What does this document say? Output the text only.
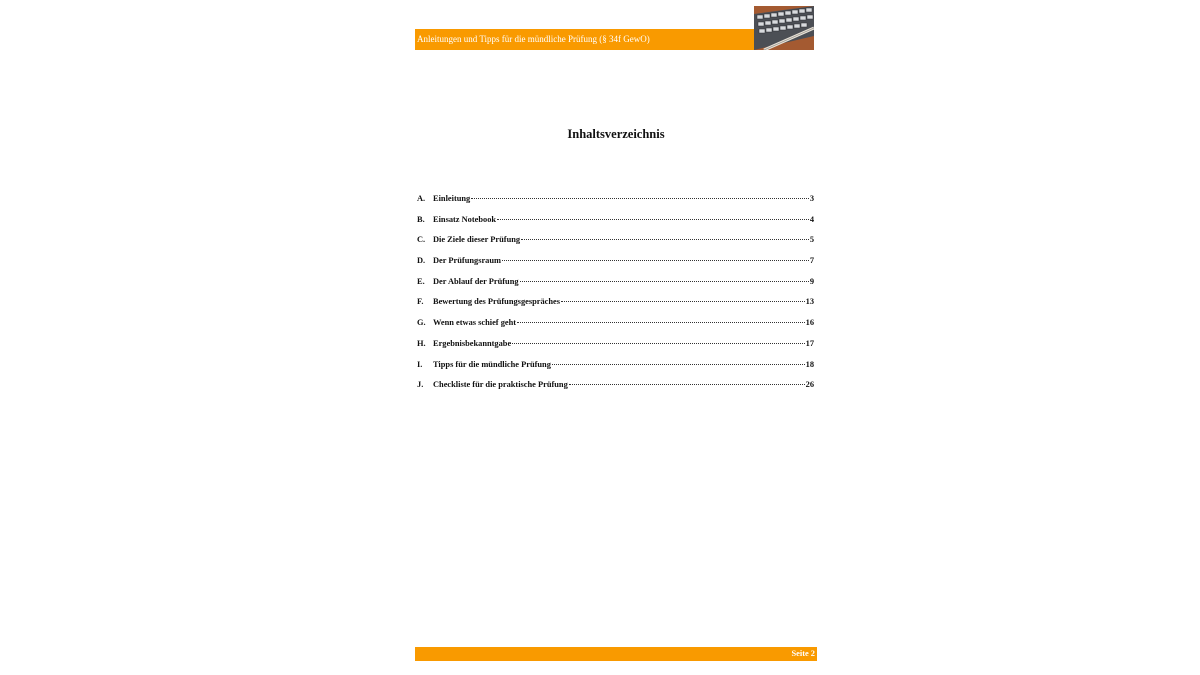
Anleitungen und Tipps für die mündliche Prüfung (§ 34f GewO)
Inhaltsverzeichnis
A. Einleitung	3
B. Einsatz Notebook	4
C. Die Ziele dieser Prüfung	5
D. Der Prüfungsraum	7
E. Der Ablauf der Prüfung	9
F.	Bewertung des Prüfungsgespräches	13
G. Wenn etwas schief geht	16
H. Ergebnisbekanntgabe	17
I.	Tipps für die mündliche Prüfung	18
J.	Checkliste für die praktische Prüfung	26
Seite 2
